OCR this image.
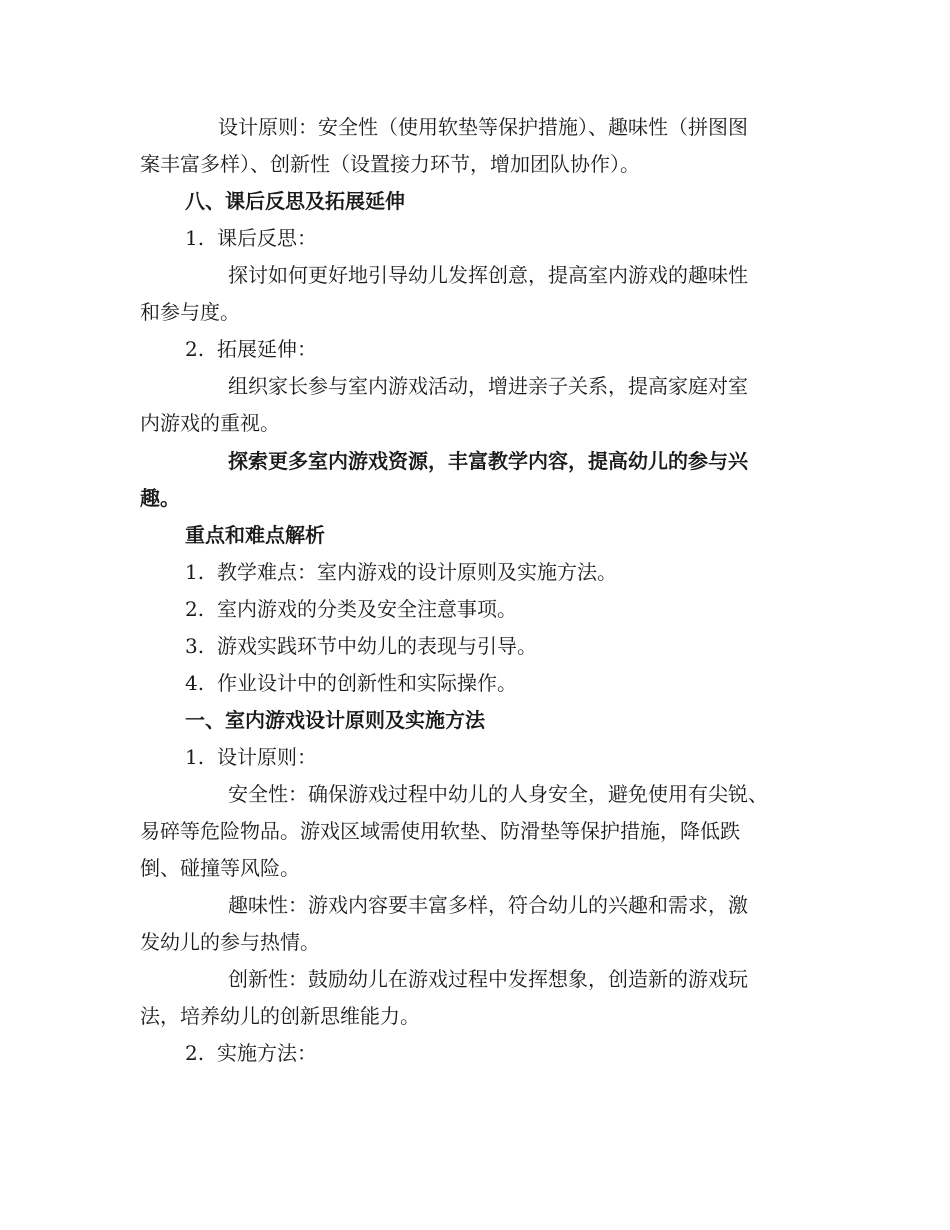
设计原则：安全性（使用软垫等保护措施）、趣味性（拼图图
案丰富多样）、创新性（设置接力环节，增加团队协作）。
八、课后反思及拓展延伸
1. 课后反思：
探讨如何更好地引导幼儿发挥创意，提高室内游戏的趣味性
和参与度。
2. 拓展延伸：
组织家长参与室内游戏活动，增进亲子关系，提高家庭对室
内游戏的重视。
探索更多室内游戏资源，丰富教学内容，提高幼儿的参与兴
趣。
重点和难点解析
1. 教学难点：室内游戏的设计原则及实施方法。
2. 室内游戏的分类及安全注意事项。
3. 游戏实践环节中幼儿的表现与引导。
4. 作业设计中的创新性和实际操作。
一、室内游戏设计原则及实施方法
1. 设计原则：
安全性：确保游戏过程中幼儿的人身安全，避免使用有尖锐、
易碎等危险物品。游戏区域需使用软垫、防滑垫等保护措施，降低跌
倒、碰撞等风险。
趣味性：游戏内容要丰富多样，符合幼儿的兴趣和需求，激
发幼儿的参与热情。
创新性：鼓励幼儿在游戏过程中发挥想象，创造新的游戏玩
法，培养幼儿的创新思维能力。
2. 实施方法：
